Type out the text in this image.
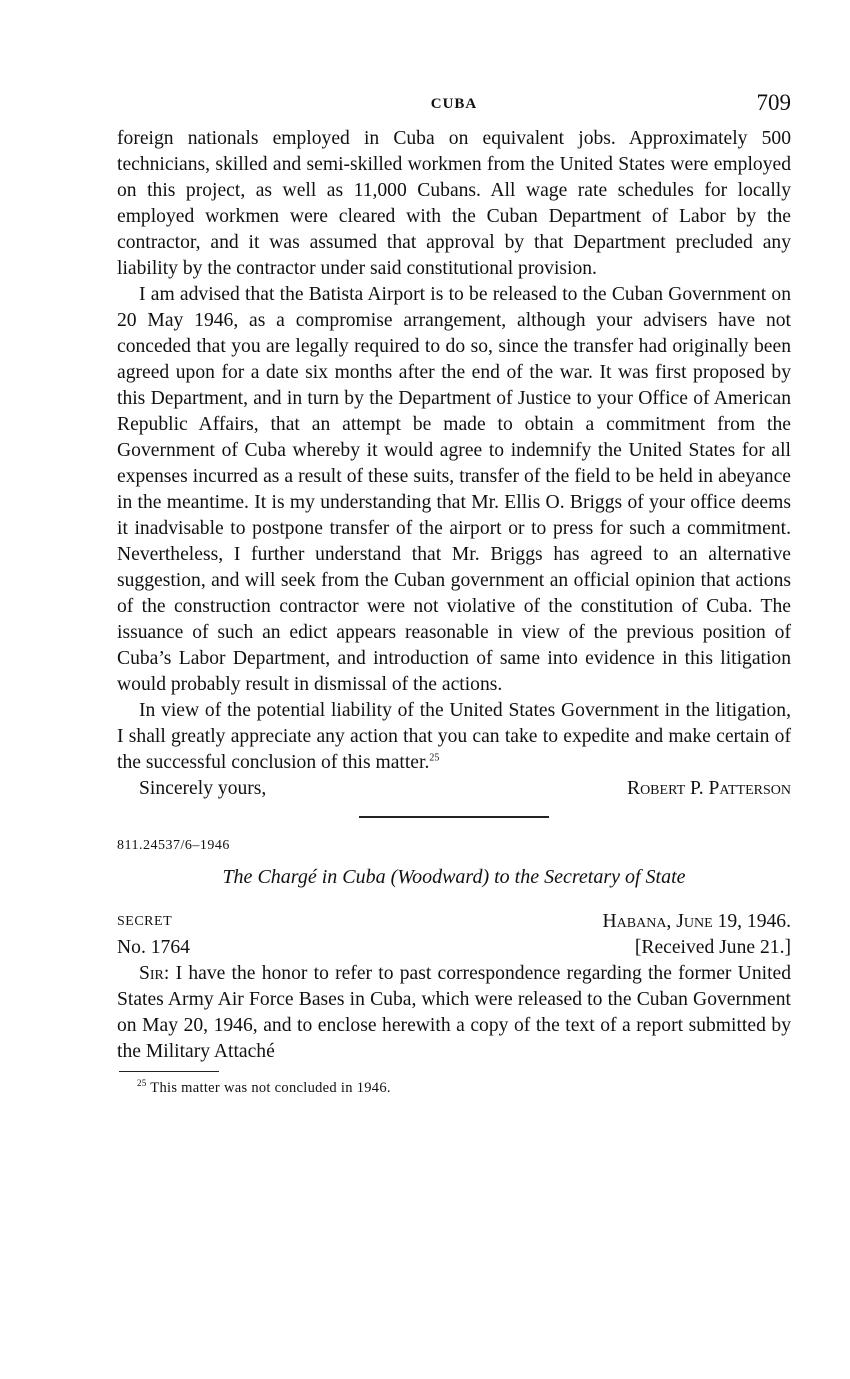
CUBA	709

foreign nationals employed in Cuba on equivalent jobs. Approximately 500 technicians, skilled and semi-skilled workmen from the United States were employed on this project, as well as 11,000 Cubans. All wage rate schedules for locally employed workmen were cleared with the Cuban Department of Labor by the contractor, and it was assumed that approval by that Department precluded any liability by the contractor under said constitutional provision.

I am advised that the Batista Airport is to be released to the Cuban Government on 20 May 1946, as a compromise arrangement, although your advisers have not conceded that you are legally required to do so, since the transfer had originally been agreed upon for a date six months after the end of the war. It was first proposed by this Department, and in turn by the Department of Justice to your Office of American Republic Affairs, that an attempt be made to obtain a commitment from the Government of Cuba whereby it would agree to indemnify the United States for all expenses incurred as a result of these suits, transfer of the field to be held in abeyance in the meantime. It is my understanding that Mr. Ellis O. Briggs of your office deems it inadvisable to postpone transfer of the airport or to press for such a commitment. Nevertheless, I further understand that Mr. Briggs has agreed to an alternative suggestion, and will seek from the Cuban government an official opinion that actions of the construction contractor were not violative of the constitution of Cuba. The issuance of such an edict appears reasonable in view of the previous position of Cuba’s Labor Department, and introduction of same into evidence in this litigation would probably result in dismissal of the actions.

In view of the potential liability of the United States Government in the litigation, I shall greatly appreciate any action that you can take to expedite and make certain of the successful conclusion of this matter.$^{25}$

Sincerely yours,	Robert P. Patterson
811.24537/6–1946
The Chargé in Cuba (Woodward) to the Secretary of State
SECRET	Habana, June 19, 1946.
No. 1764	[Received June 21.]

Sir: I have the honor to refer to past correspondence regarding the former United States Army Air Force Bases in Cuba, which were released to the Cuban Government on May 20, 1946, and to enclose herewith a copy of the text of a report submitted by the Military Attaché

$^{25}$ This matter was not concluded in 1946.
